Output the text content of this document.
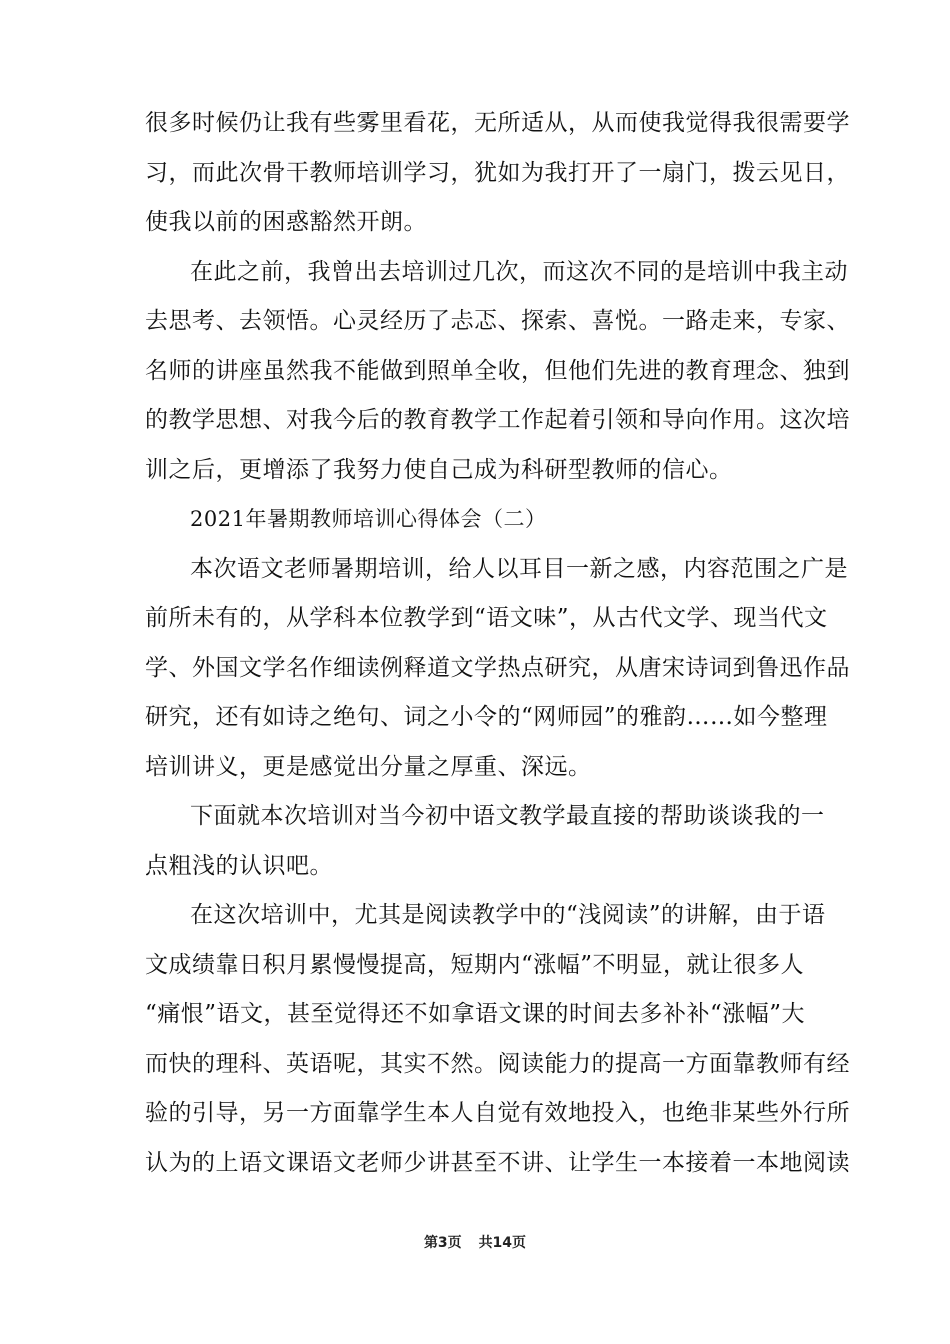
很多时候仍让我有些雾里看花，无所适从，从而使我觉得我很需要学
习，而此次骨干教师培训学习，犹如为我打开了一扇门，拨云见日，
使我以前的困惑豁然开朗。
在此之前，我曾出去培训过几次，而这次不同的是培训中我主动
去思考、去领悟。心灵经历了忐忑、探索、喜悦。一路走来，专家、
名师的讲座虽然我不能做到照单全收，但他们先进的教育理念、独到
的教学思想、对我今后的教育教学工作起着引领和导向作用。这次培
训之后，更增添了我努力使自己成为科研型教师的信心。
2021年暑期教师培训心得体会（二）
本次语文老师暑期培训，给人以耳目一新之感，内容范围之广是
前所未有的，从学科本位教学到“语文味”，从古代文学、现当代文
学、外国文学名作细读例释道文学热点研究，从唐宋诗词到鲁迅作品
研究，还有如诗之绝句、词之小令的“网师园”的雅韵……如今整理
培训讲义，更是感觉出分量之厚重、深远。
下面就本次培训对当今初中语文教学最直接的帮助谈谈我的一
点粗浅的认识吧。
在这次培训中，尤其是阅读教学中的“浅阅读”的讲解，由于语
文成绩靠日积月累慢慢提高，短期内“涨幅”不明显，就让很多人
“痛恨”语文，甚至觉得还不如拿语文课的时间去多补补“涨幅”大
而快的理科、英语呢，其实不然。阅读能力的提高一方面靠教师有经
验的引导，另一方面靠学生本人自觉有效地投入，也绝非某些外行所
认为的上语文课语文老师少讲甚至不讲、让学生一本接着一本地阅读
第3页 共14页
